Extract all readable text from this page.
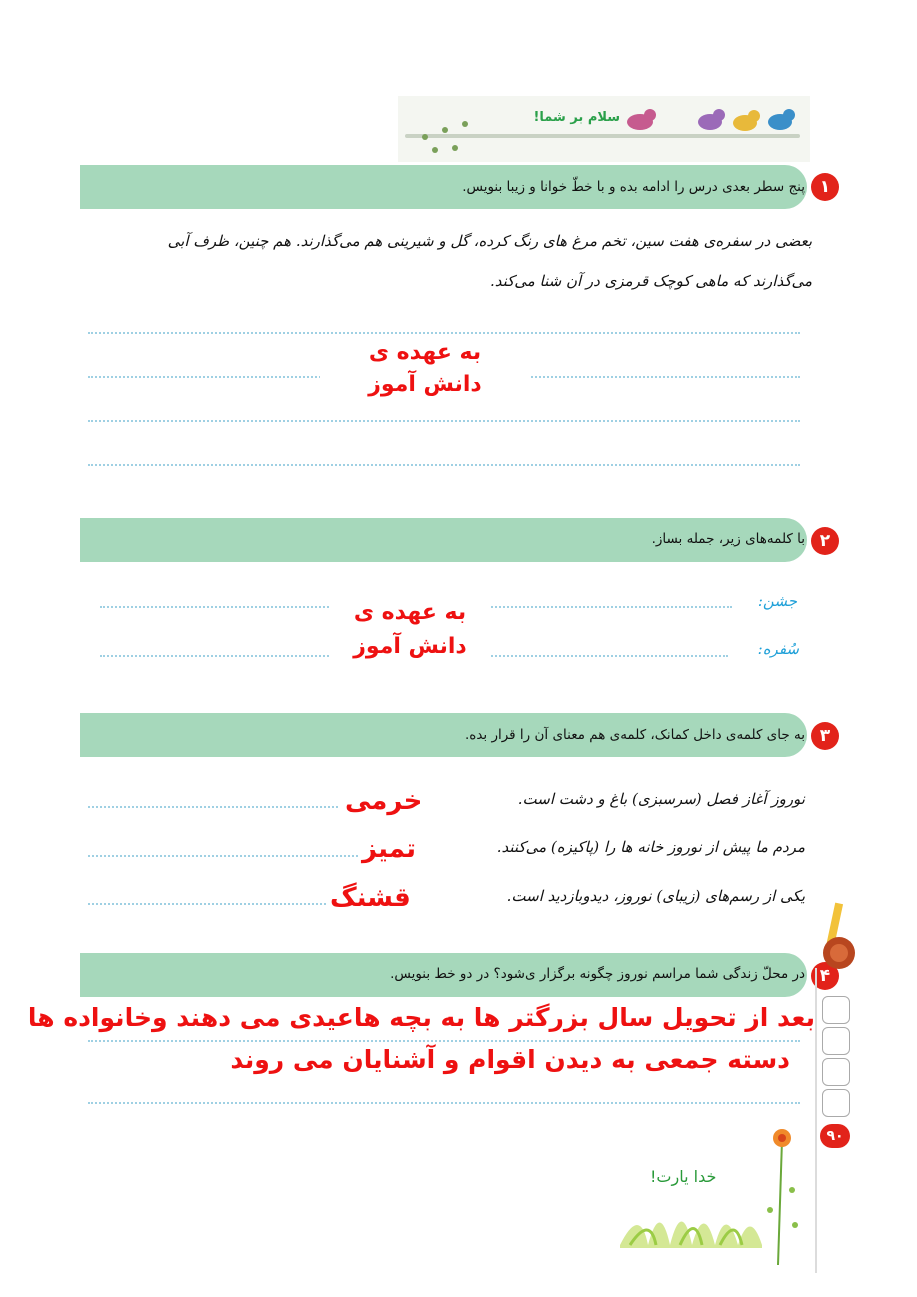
سلام بر شما!
۱
پنج سطر بعدی درس را ادامه بده و با خطّ خوانا و زیبا بنویس.
بعضی در سفره‌ی هفت سین، تخم مرغ های رنگ کرده، گل و شیرینی هم می‌گذارند. هم چنین، ظرف آبی
می‌گذارند که ماهی کوچک قرمزی در آن شنا می‌کند.
به عهده ی
دانش آموز
۲
با کلمه‌های زیر، جمله بساز.
جشن:
سُفره:
به عهده ی
دانش آموز
۳
به جای کلمه‌ی داخل کمانک، کلمه‌ی هم معنای آن را قرار بده.
نوروز آغاز فصل (سرسبزی) باغ و دشت است.
خرمی
مردم ما پیش از نوروز خانه ها را (پاکیزه) می‌کنند.
تمیز
یکی از رسم‌های (زیبای) نوروز، دیدوبازدید است.
قشنگ
۴
در محلّ زندگی شما مراسم نوروز چگونه برگزار ی‌شود؟ در دو خط بنویس.
بعد از تحویل سال بزرگتر ها به بچه هاعیدی می دهند وخانواده ها
دسته جمعی به دیدن اقوام و آشنایان می روند
۹۰
خدا یارت!
